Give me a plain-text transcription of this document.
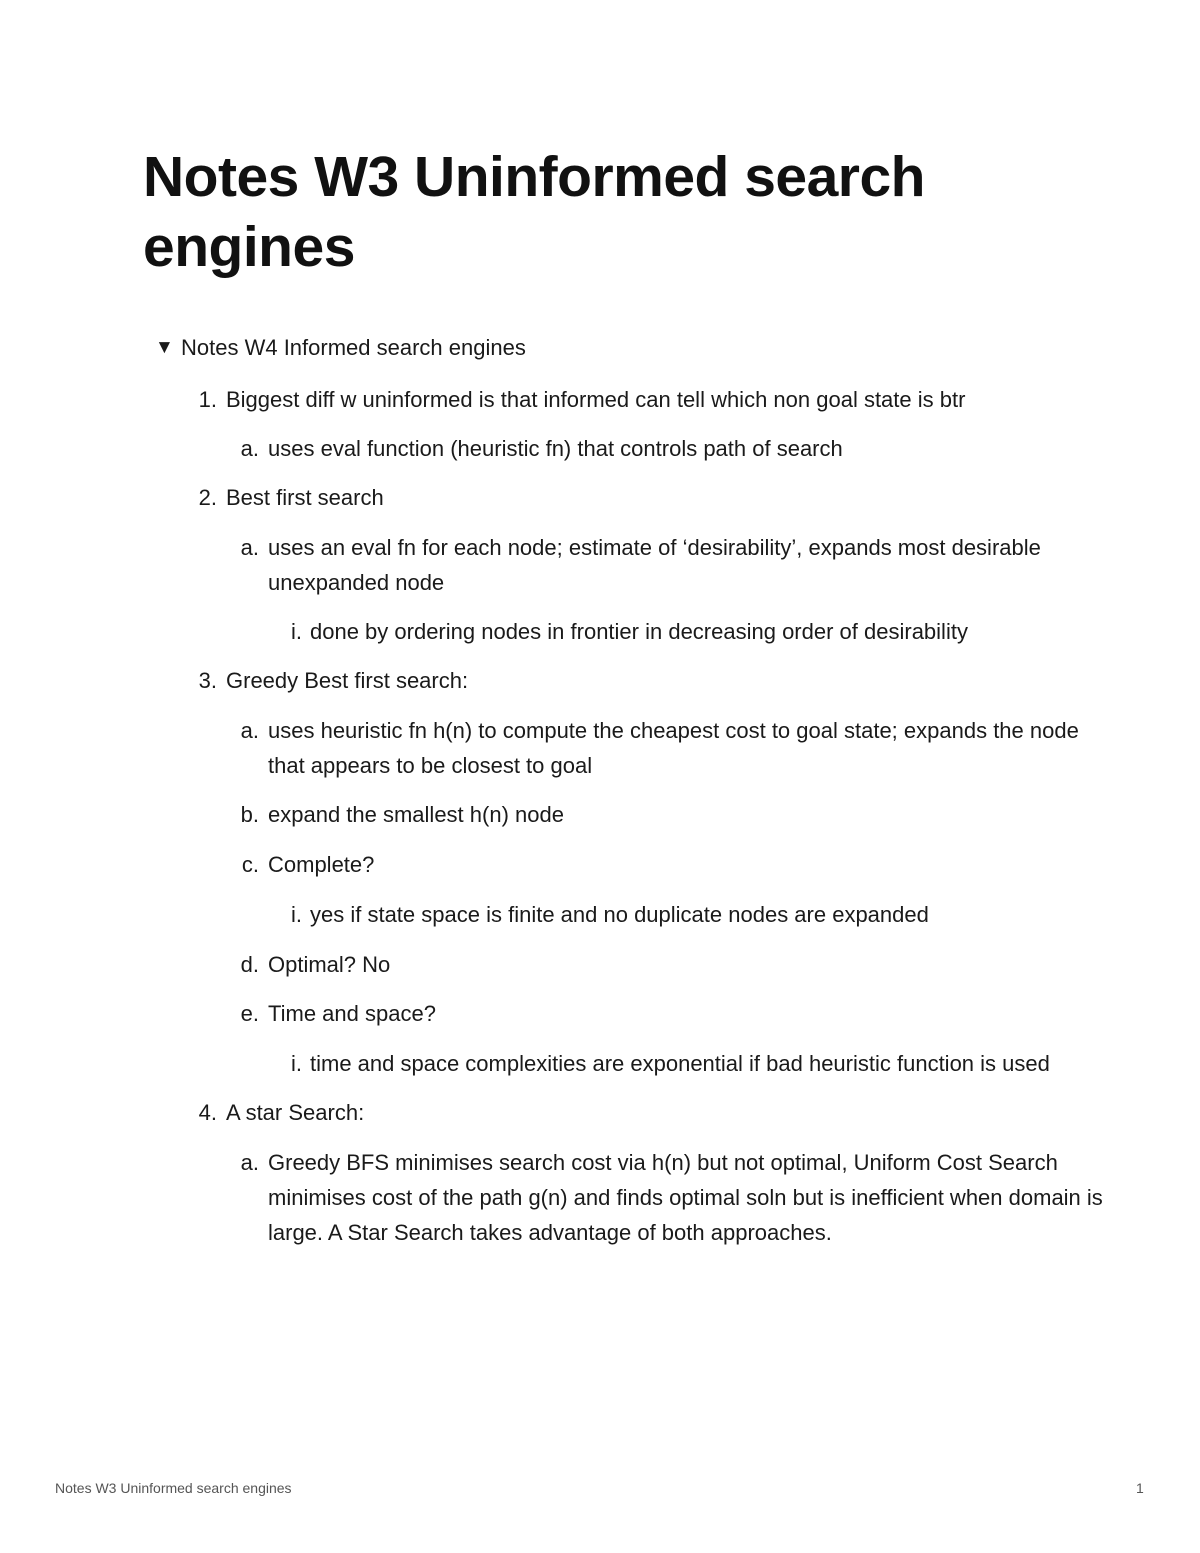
Notes W3 Uninformed search engines
▼ Notes W4 Informed search engines
1. Biggest diff w uninformed is that informed can tell which non goal state is btr
a. uses eval function (heuristic fn) that controls path of search
2. Best first search
a. uses an eval fn for each node; estimate of ‘desirability’, expands most desirable unexpanded node
i. done by ordering nodes in frontier in decreasing order of desirability
3. Greedy Best first search:
a. uses heuristic fn h(n) to compute the cheapest cost to goal state; expands the node that appears to be closest to goal
b. expand the smallest h(n) node
c. Complete?
i. yes if state space is finite and no duplicate nodes are expanded
d. Optimal? No
e. Time and space?
i. time and space complexities are exponential if bad heuristic function is used
4. A star Search:
a. Greedy BFS minimises search cost via h(n) but not optimal, Uniform Cost Search minimises cost of the path g(n) and finds optimal soln but is inefficient when domain is large. A Star Search takes advantage of both approaches.
Notes W3 Uninformed search engines	1
